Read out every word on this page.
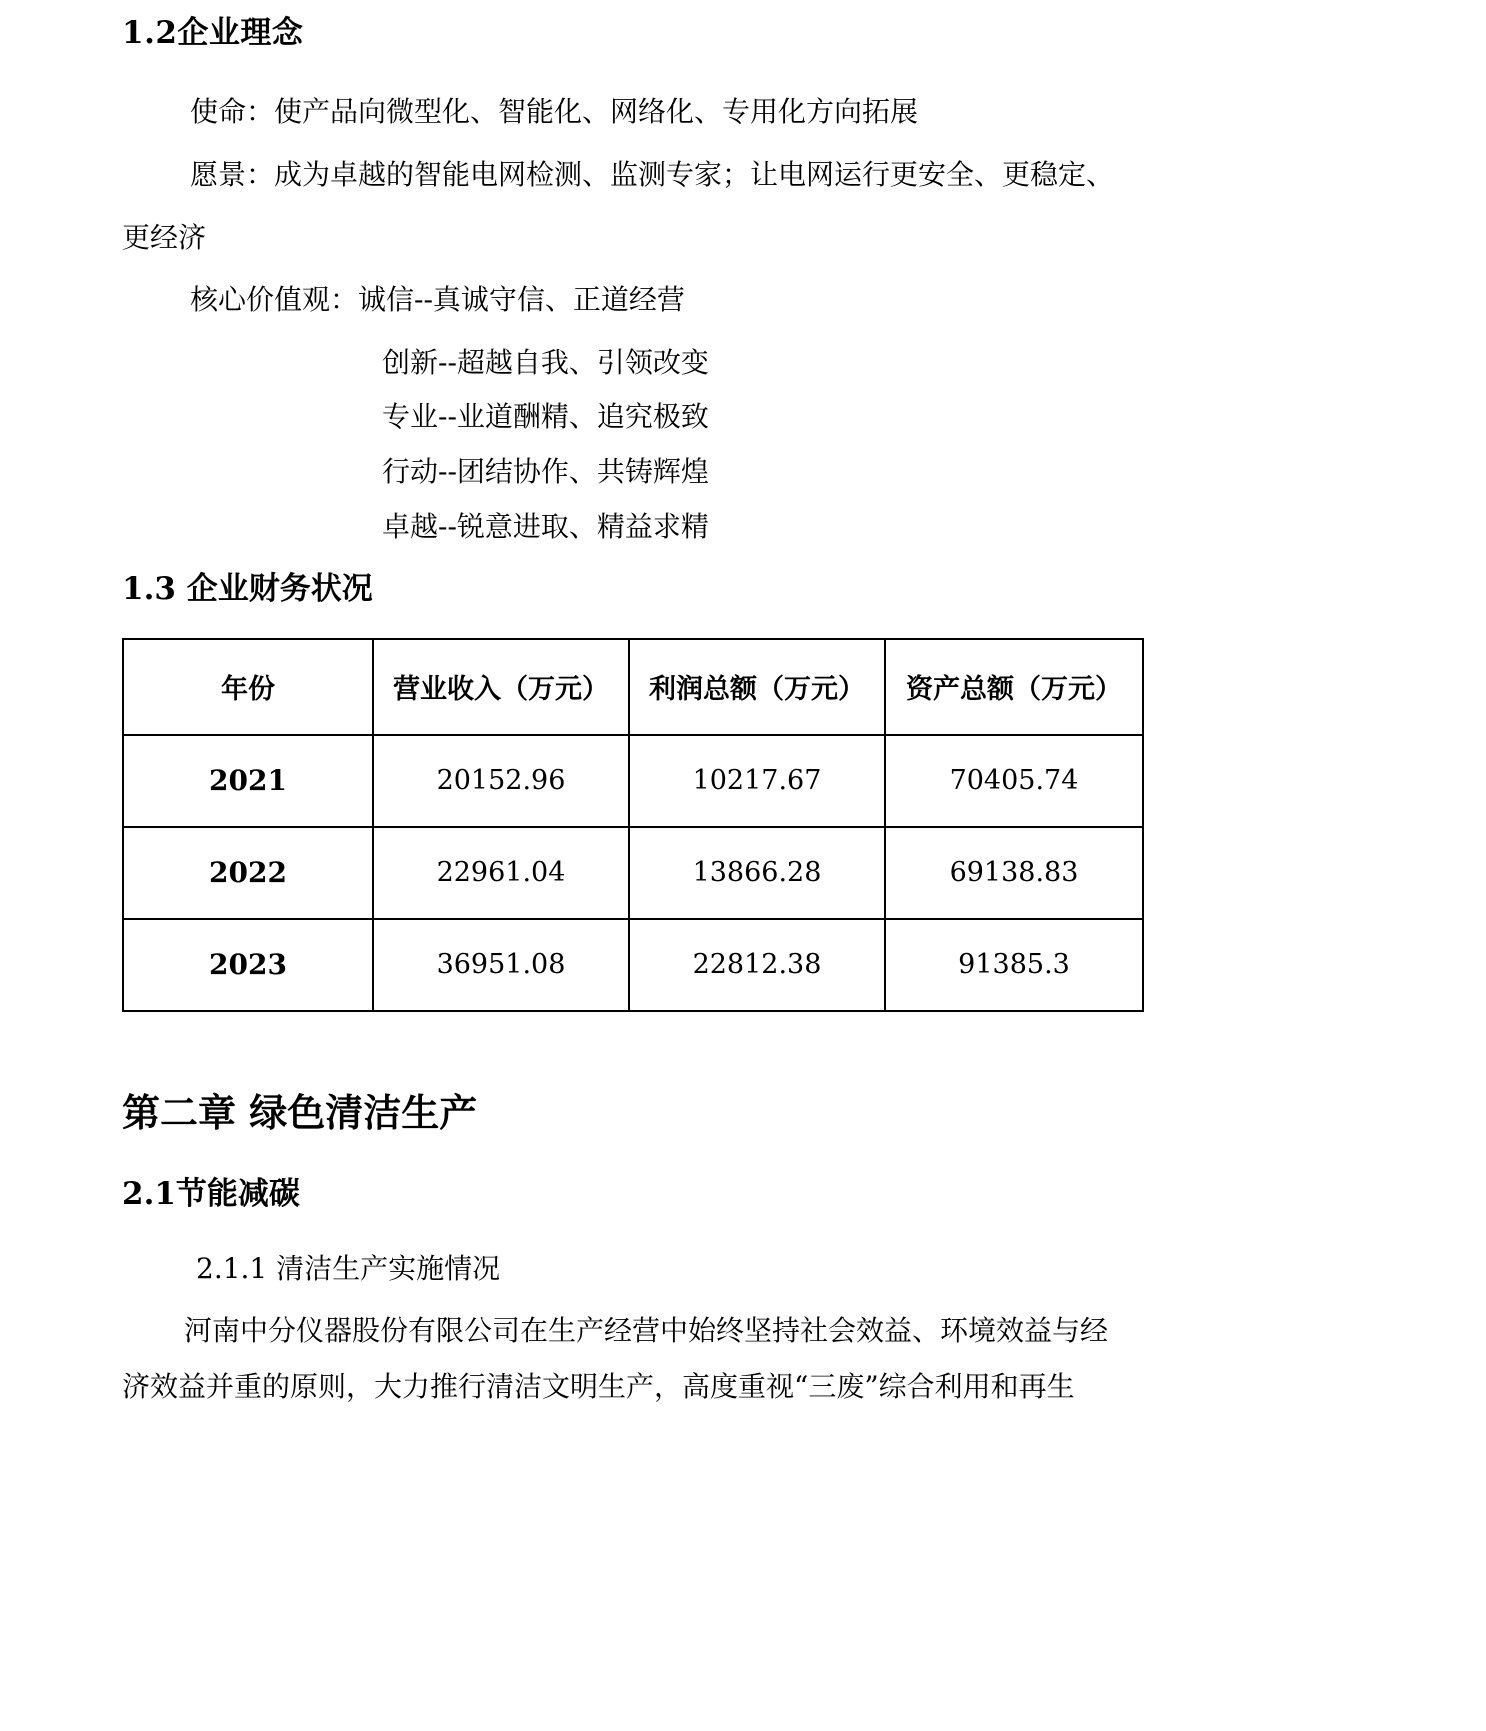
1.2企业理念

使命：使产品向微型化、智能化、网络化、专用化方向拓展

愿景：成为卓越的智能电网检测、监测专家；让电网运行更安全、更稳定、

更经济

核心价值观：诚信--真诚守信、正道经营

创新--超越自我、引领改变

专业--业道酬精、追究极致

行动--团结协作、共铸辉煌

卓越--锐意进取、精益求精

1.3 企业财务状况
年份	营业收入（万元）	利润总额（万元）	资产总额（万元）
2021	20152.96	10217.67	70405.74
2022	22961.04	13866.28	69138.83
2023	36951.08	22812.38	91385.3
第二章 绿色清洁生产
2.1节能减碳

2.1.1 清洁生产实施情况

河南中分仪器股份有限公司在生产经营中始终坚持社会效益、环境效益与经

济效益并重的原则，大力推行清洁文明生产，高度重视“三废”综合利用和再生
